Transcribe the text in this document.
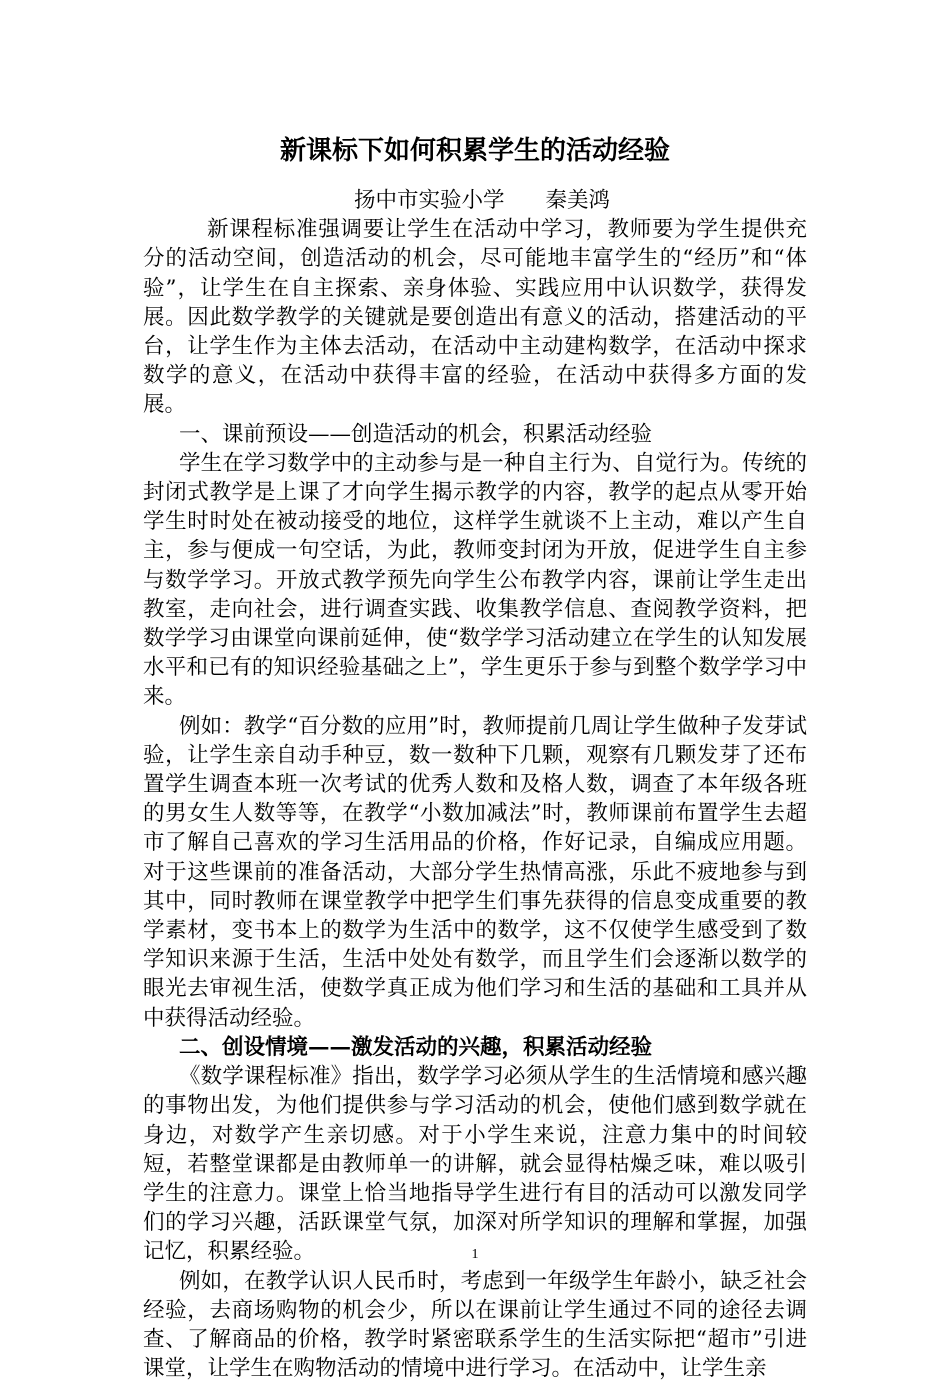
新课标下如何积累学生的活动经验

扬中市实验小学      秦美鸿

新课程标准强调要让学生在活动中学习，教师要为学生提供充分的活动空间，创造活动的机会，尽可能地丰富学生的“经历”和“体验”，让学生在自主探索、亲身体验、实践应用中认识数学，获得发展。因此数学教学的关键就是要创造出有意义的活动，搭建活动的平台，让学生作为主体去活动，在活动中主动建构数学，在活动中探求数学的意义，在活动中获得丰富的经验，在活动中获得多方面的发展。

一、课前预设——创造活动的机会，积累活动经验

学生在学习数学中的主动参与是一种自主行为、自觉行为。传统的封闭式教学是上课了才向学生揭示教学的内容，教学的起点从零开始学生时时处在被动接受的地位，这样学生就谈不上主动，难以产生自主，参与便成一句空话，为此，教师变封闭为开放，促进学生自主参与数学学习。开放式教学预先向学生公布教学内容，课前让学生走出教室，走向社会，进行调查实践、收集教学信息、查阅教学资料，把数学学习由课堂向课前延伸，使“数学学习活动建立在学生的认知发展水平和已有的知识经验基础之上”，学生更乐于参与到整个数学学习中来。

例如：教学“百分数的应用”时，教师提前几周让学生做种子发芽试验，让学生亲自动手种豆，数一数种下几颗，观察有几颗发芽了还布置学生调查本班一次考试的优秀人数和及格人数，调查了本年级各班的男女生人数等等，在教学“小数加减法”时，教师课前布置学生去超市了解自己喜欢的学习生活用品的价格，作好记录，自编成应用题。对于这些课前的准备活动，大部分学生热情高涨，乐此不疲地参与到其中，同时教师在课堂教学中把学生们事先获得的信息变成重要的教学素材，变书本上的数学为生活中的数学，这不仅使学生感受到了数学知识来源于生活，生活中处处有数学，而且学生们会逐渐以数学的眼光去审视生活，使数学真正成为他们学习和生活的基础和工具并从中获得活动经验。

二、创设情境——激发活动的兴趣，积累活动经验

《数学课程标准》指出，数学学习必须从学生的生活情境和感兴趣的事物出发，为他们提供参与学习活动的机会，使他们感到数学就在身边，对数学产生亲切感。对于小学生来说，注意力集中的时间较短，若整堂课都是由教师单一的讲解，就会显得枯燥乏味，难以吸引学生的注意力。课堂上恰当地指导学生进行有目的活动可以激发同学们的学习兴趣，活跃课堂气氛，加深对所学知识的理解和掌握，加强记忆，积累经验。

例如，在教学认识人民币时，考虑到一年级学生年龄小，缺乏社会经验，去商场购物的机会少，所以在课前让学生通过不同的途径去调查、了解商品的价格，教学时紧密联系学生的生活实际把“超市”引进课堂，让学生在购物活动的情境中进行学习。在活动中，让学生亲

1
